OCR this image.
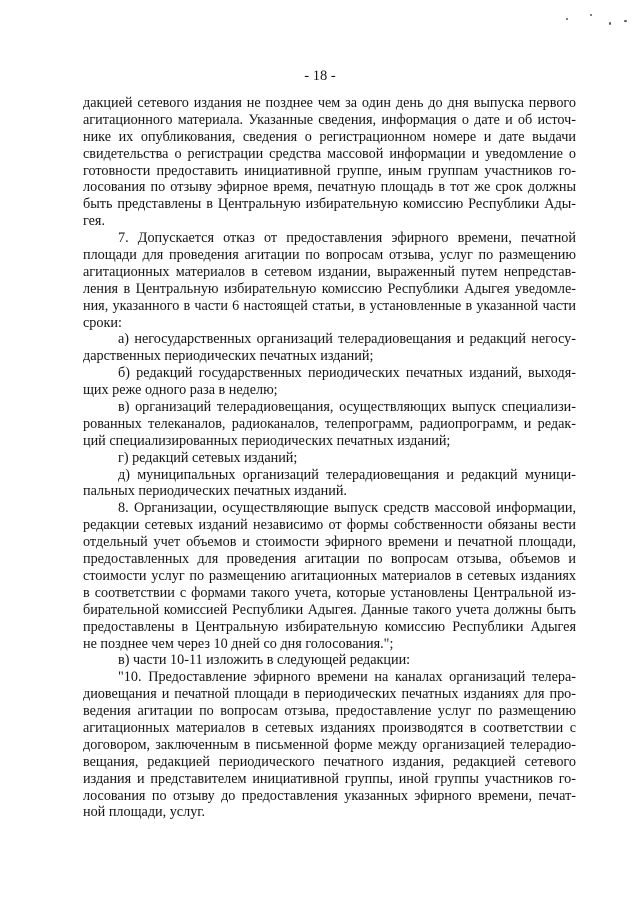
- 18 -
дакцией сетевого издания не позднее чем за один день до дня выпуска первого
агитационного материала. Указанные сведения, информация о дате и об источ-
нике их опубликования, сведения о регистрационном номере и дате выдачи
свидетельства о регистрации средства массовой информации и уведомление о
готовности предоставить инициативной группе, иным группам участников го-
лосования по отзыву эфирное время, печатную площадь в тот же срок должны
быть представлены в Центральную избирательную комиссию Республики Ады-
гея.
7. Допускается отказ от предоставления эфирного времени, печатной
площади для проведения агитации по вопросам отзыва, услуг по размещению
агитационных материалов в сетевом издании, выраженный путем непредстав-
ления в Центральную избирательную комиссию Республики Адыгея уведомле-
ния, указанного в части 6 настоящей статьи, в установленные в указанной части
сроки:
а) негосударственных организаций телерадиовещания и редакций негосу-
дарственных периодических печатных изданий;
б) редакций государственных периодических печатных изданий, выходя-
щих реже одного раза в неделю;
в) организаций телерадиовещания, осуществляющих выпуск специализи-
рованных телеканалов, радиоканалов, телепрограмм, радиопрограмм, и редак-
ций специализированных периодических печатных изданий;
г) редакций сетевых изданий;
д) муниципальных организаций телерадиовещания и редакций муници-
пальных периодических печатных изданий.
8. Организации, осуществляющие выпуск средств массовой информации,
редакции сетевых изданий независимо от формы собственности обязаны вести
отдельный учет объемов и стоимости эфирного времени и печатной площади,
предоставленных для проведения агитации по вопросам отзыва, объемов и
стоимости услуг по размещению агитационных материалов в сетевых изданиях
в соответствии с формами такого учета, которые установлены Центральной из-
бирательной комиссией Республики Адыгея. Данные такого учета должны быть
предоставлены в Центральную избирательную комиссию Республики Адыгея
не позднее чем через 10 дней со дня голосования.";
в) части 10-11 изложить в следующей редакции:
"10. Предоставление эфирного времени на каналах организаций телера-
диовещания и печатной площади в периодических печатных изданиях для про-
ведения агитации по вопросам отзыва, предоставление услуг по размещению
агитационных материалов в сетевых изданиях производятся в соответствии с
договором, заключенным в письменной форме между организацией телерадио-
вещания, редакцией периодического печатного издания, редакцией сетевого
издания и представителем инициативной группы, иной группы участников го-
лосования по отзыву до предоставления указанных эфирного времени, печат-
ной площади, услуг.
